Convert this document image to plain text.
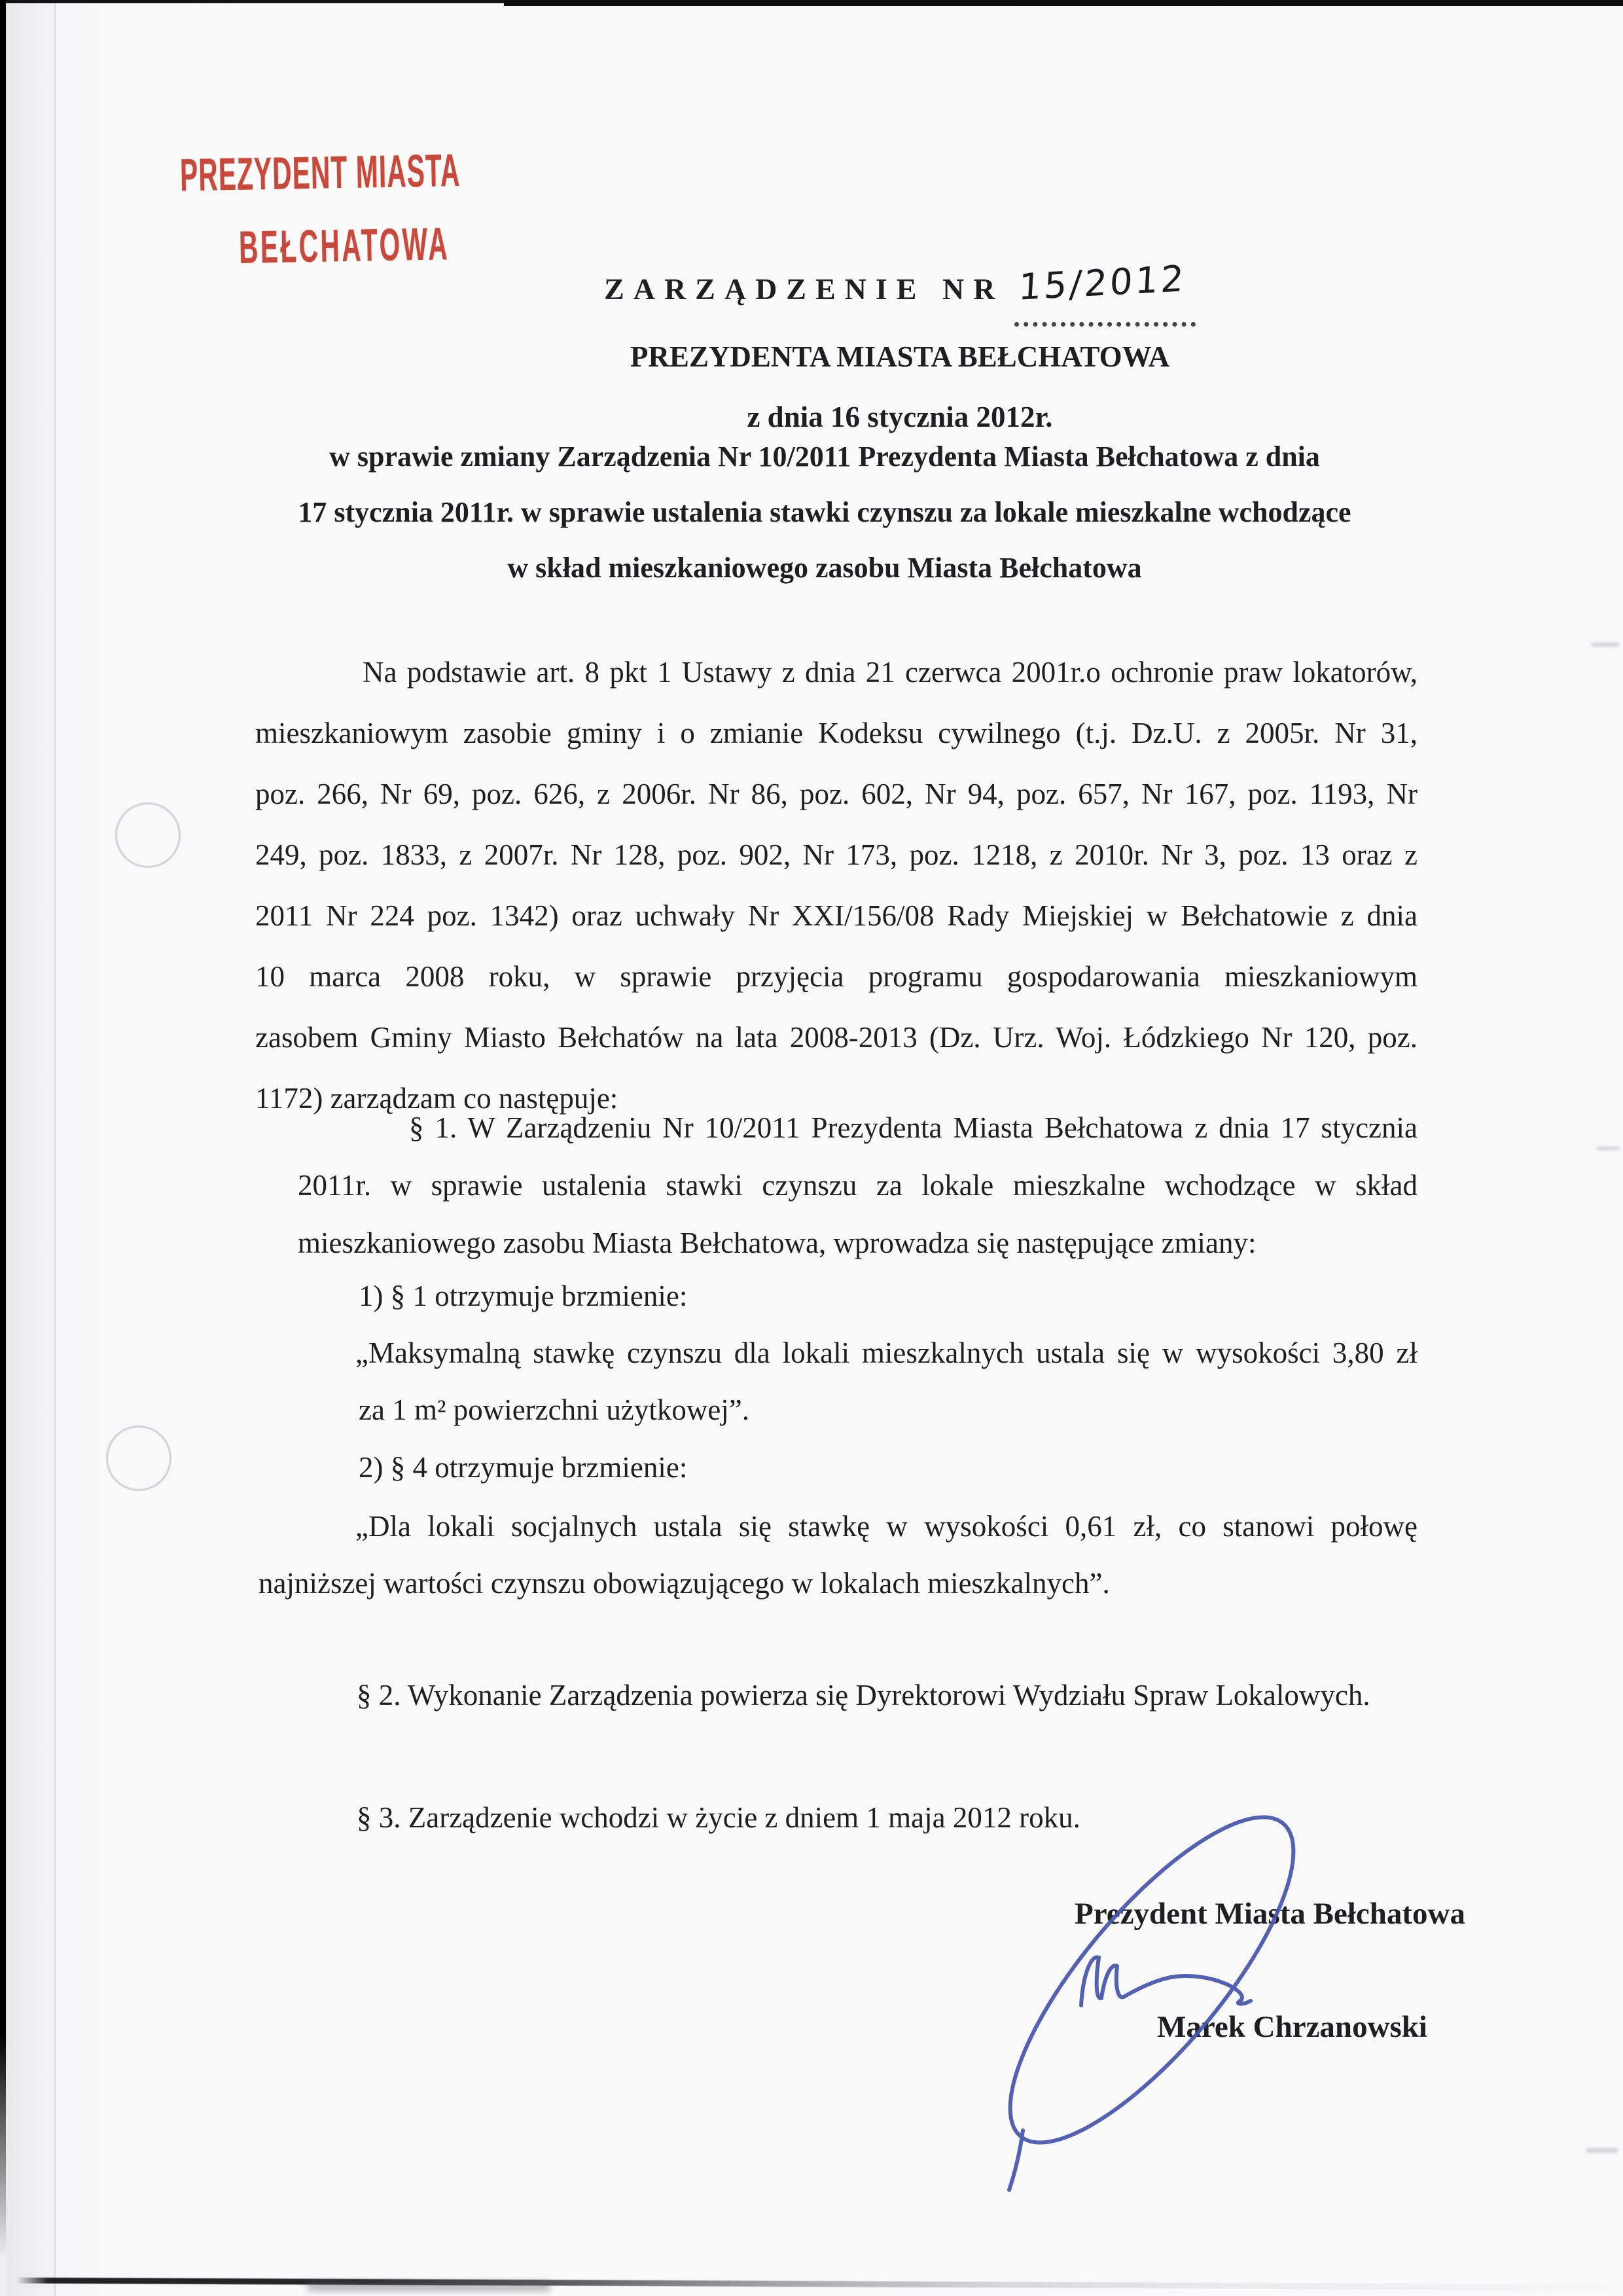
PREZYDENT MIASTA
BEŁCHATOWA
ZARZĄDZENIE NR 15/2012
PREZYDENTA MIASTA BEŁCHATOWA
z dnia 16 stycznia 2012r.
w sprawie zmiany Zarządzenia Nr 10/2011 Prezydenta Miasta Bełchatowa z dnia
17 stycznia 2011r. w sprawie ustalenia stawki czynszu za lokale mieszkalne wchodzące
w skład mieszkaniowego zasobu Miasta Bełchatowa
Na podstawie art. 8 pkt 1 Ustawy z dnia 21 czerwca 2001r.o ochronie praw lokatorów,
mieszkaniowym zasobie gminy i o zmianie Kodeksu cywilnego (t.j. Dz.U. z 2005r. Nr 31,
poz. 266, Nr 69, poz. 626, z 2006r. Nr 86, poz. 602, Nr 94, poz. 657, Nr 167, poz. 1193, Nr
249, poz. 1833, z 2007r. Nr 128, poz. 902, Nr 173, poz. 1218, z 2010r. Nr 3, poz. 13 oraz z
2011 Nr 224 poz. 1342) oraz uchwały Nr XXI/156/08 Rady Miejskiej w Bełchatowie z dnia
10 marca 2008 roku, w sprawie przyjęcia programu gospodarowania mieszkaniowym
zasobem Gminy Miasto Bełchatów na lata 2008-2013 (Dz. Urz. Woj. Łódzkiego Nr 120, poz.
1172) zarządzam co następuje:
§ 1. W Zarządzeniu Nr 10/2011 Prezydenta Miasta Bełchatowa z dnia 17 stycznia
2011r. w sprawie ustalenia stawki czynszu za lokale mieszkalne wchodzące w skład
mieszkaniowego zasobu Miasta Bełchatowa, wprowadza się następujące zmiany:
1) § 1 otrzymuje brzmienie:
„Maksymalną stawkę czynszu dla lokali mieszkalnych ustala się w wysokości 3,80 zł
za 1 m² powierzchni użytkowej”.
2) § 4 otrzymuje brzmienie:
„Dla lokali socjalnych ustala się stawkę w wysokości 0,61 zł, co stanowi połowę
najniższej wartości czynszu obowiązującego w lokalach mieszkalnych”.
§ 2. Wykonanie Zarządzenia powierza się Dyrektorowi Wydziału Spraw Lokalowych.
§ 3. Zarządzenie wchodzi w życie z dniem 1 maja 2012 roku.
Prezydent Miasta Bełchatowa
Marek Chrzanowski
